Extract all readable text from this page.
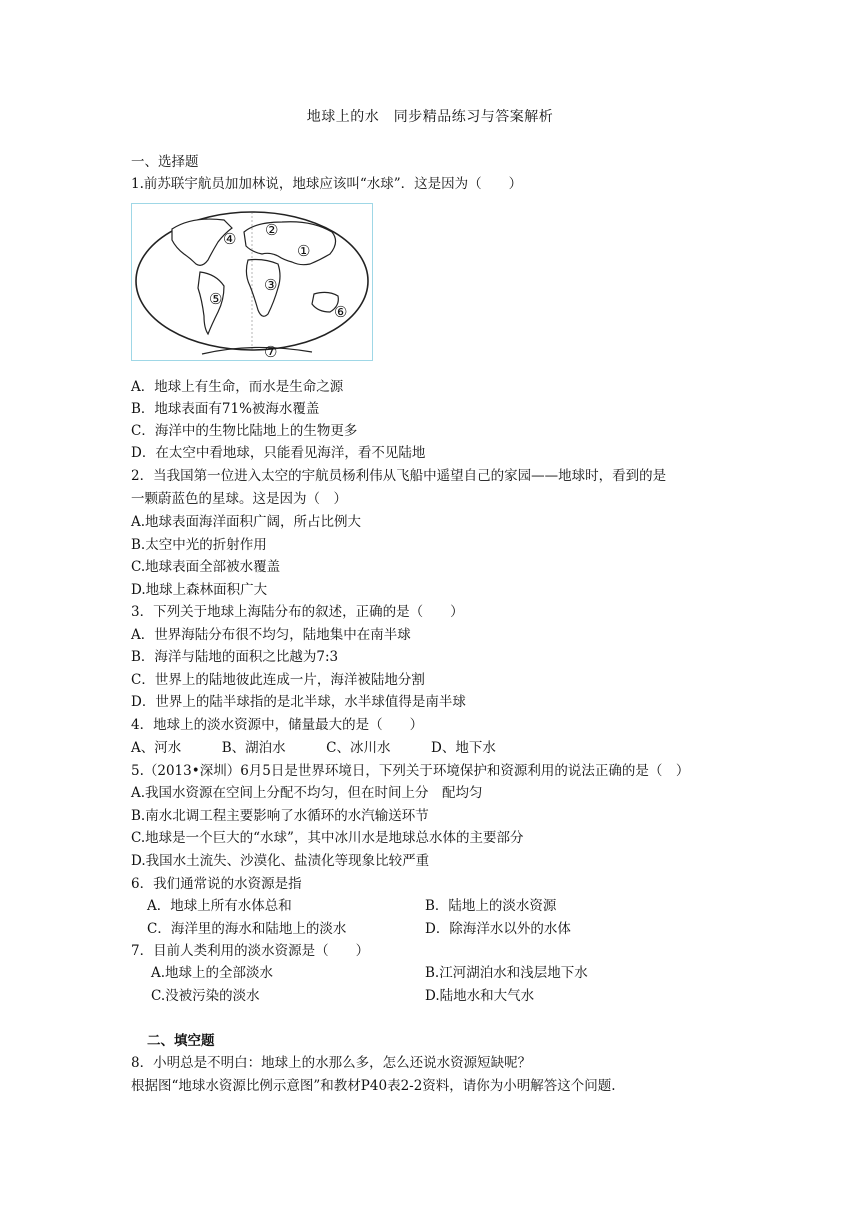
地球上的水　同步精品练习与答案解析
一、选择题
1.前苏联宇航员加加林说，地球应该叫“水球”．这是因为（　　）
①
②
③
④
⑤
⑥
⑦
A．地球上有生命，而水是生命之源
B．地球表面有71%被海水覆盖
C．海洋中的生物比陆地上的生物更多
D．在太空中看地球，只能看见海洋，看不见陆地
2．当我国第一位进入太空的宇航员杨利伟从飞船中遥望自己的家园——地球时，看到的是
一颗蔚蓝色的星球。这是因为（　）
A.地球表面海洋面积广阔，所占比例大
B.太空中光的折射作用
C.地球表面全部被水覆盖
D.地球上森林面积广大
3．下列关于地球上海陆分布的叙述，正确的是（　　）
A．世界海陆分布很不均匀，陆地集中在南半球
B．海洋与陆地的面积之比越为7:3
C．世界上的陆地彼此连成一片，海洋被陆地分割
D．世界上的陆半球指的是北半球，水半球值得是南半球
4．地球上的淡水资源中，储量最大的是（　　）
A、河水　　　B、湖泊水　　　C、冰川水　　　D、地下水
5.（2013•深圳）6月5日是世界环境日，下列关于环境保护和资源利用的说法正确的是（　）
A.我国水资源在空间上分配不均匀，但在时间上分　配均匀
B.南水北调工程主要影响了水循环的水汽输送环节
C.地球是一个巨大的“水球”，其中冰川水是地球总水体的主要部分
D.我国水土流失、沙漠化、盐渍化等现象比较严重
6．我们通常说的水资源是指
A．地球上所有水体总和	B．陆地上的淡水资源
C．海洋里的海水和陆地上的淡水	D．除海洋水以外的水体
7．目前人类利用的淡水资源是（　　）
A.地球上的全部淡水	B.江河湖泊水和浅层地下水
C.没被污染的淡水	D.陆地水和大气水
二、填空题
8．小明总是不明白：地球上的水那么多，怎么还说水资源短缺呢？
根据图“地球水资源比例示意图”和教材P40表2-2资料，请你为小明解答这个问题.
